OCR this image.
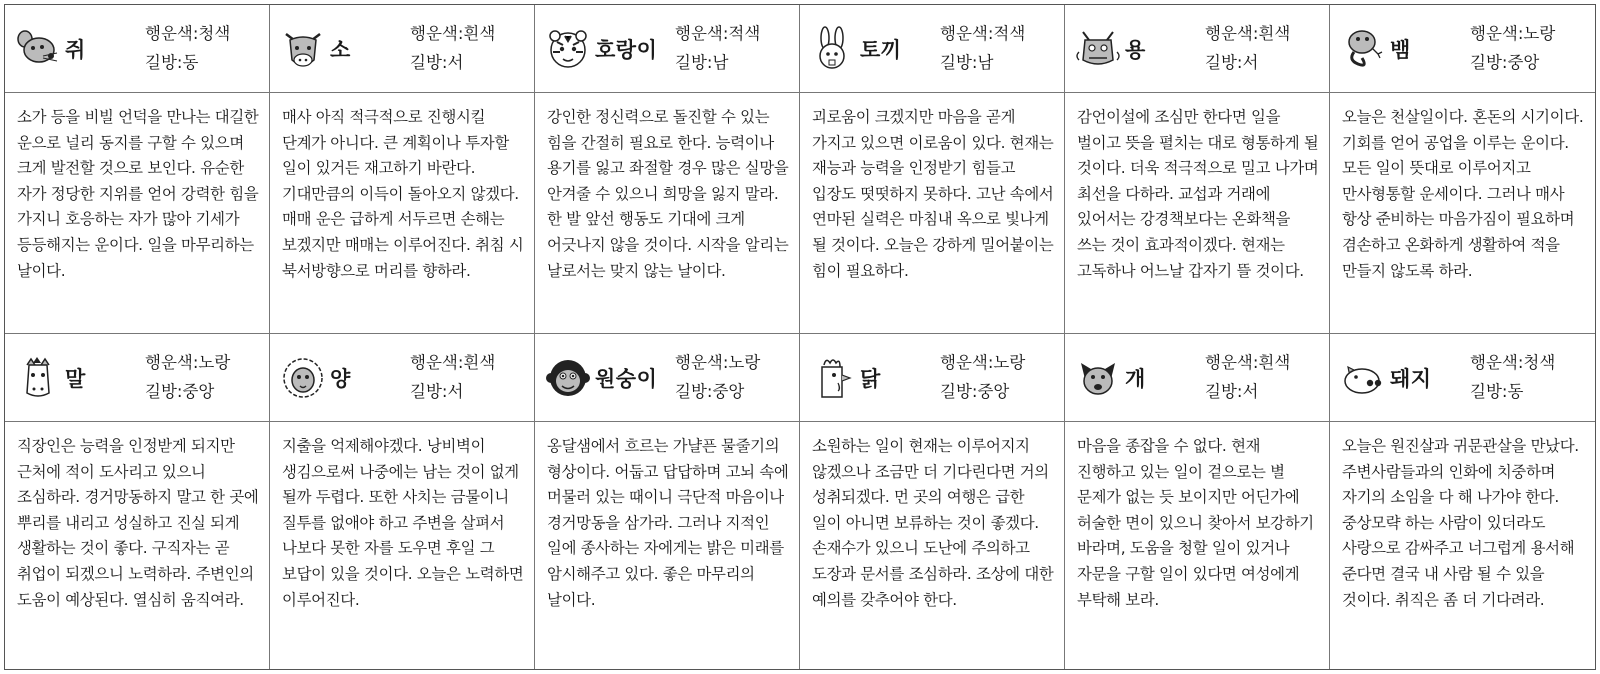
쥐
행운색:청색
길방:동
소
행운색:흰색
길방:서
호랑이
행운색:적색
길방:남
토끼
행운색:적색
길방:남
용
행운색:흰색
길방:서
뱀
행운색:노랑
길방:중앙
소가 등을 비빌 언덕을 만나는 대길한 운으로 널리 동지를 구할 수 있으며 크게 발전할 것으로 보인다. 유순한 자가 정당한 지위를 얻어 강력한 힘을 가지니 호응하는 자가 많아 기세가 등등해지는 운이다. 일을 마무리하는 날이다.
매사 아직 적극적으로 진행시킬 단계가 아니다. 큰 계획이나 투자할 일이 있거든 재고하기 바란다. 기대만큼의 이득이 돌아오지 않겠다. 매매 운은 급하게 서두르면 손해는 보겠지만 매매는 이루어진다. 취침 시 북서방향으로 머리를 향하라.
강인한 정신력으로 돌진할 수 있는 힘을 간절히 필요로 한다. 능력이나 용기를 잃고 좌절할 경우 많은 실망을 안겨줄 수 있으니 희망을 잃지 말라. 한 발 앞선 행동도 기대에 크게 어긋나지 않을 것이다. 시작을 알리는 날로서는 맞지 않는 날이다.
괴로움이 크겠지만 마음을 곧게 가지고 있으면 이로움이 있다. 현재는 재능과 능력을 인정받기 힘들고 입장도 떳떳하지 못하다. 고난 속에서 연마된 실력은 마침내 옥으로 빛나게 될 것이다. 오늘은 강하게 밀어붙이는 힘이 필요하다.
감언이설에 조심만 한다면 일을 벌이고 뜻을 펼치는 대로 형통하게 될 것이다. 더욱 적극적으로 밀고 나가며 최선을 다하라. 교섭과 거래에 있어서는 강경책보다는 온화책을 쓰는 것이 효과적이겠다. 현재는 고독하나 어느날 갑자기 뜰 것이다.
오늘은 천살일이다. 혼돈의 시기이다. 기회를 얻어 공업을 이루는 운이다. 모든 일이 뜻대로 이루어지고 만사형통할 운세이다. 그러나 매사 항상 준비하는 마음가짐이 필요하며 겸손하고 온화하게 생활하여 적을 만들지 않도록 하라.
말
행운색:노랑
길방:중앙
양
행운색:흰색
길방:서
원숭이
행운색:노랑
길방:중앙
닭
행운색:노랑
길방:중앙
개
행운색:흰색
길방:서
돼지
행운색:청색
길방:동
직장인은 능력을 인정받게 되지만 근처에 적이 도사리고 있으니 조심하라. 경거망동하지 말고 한 곳에 뿌리를 내리고 성실하고 진실 되게 생활하는 것이 좋다. 구직자는 곧 취업이 되겠으니 노력하라. 주변인의 도움이 예상된다. 열심히 움직여라.
지출을 억제해야겠다. 낭비벽이 생김으로써 나중에는 남는 것이 없게 될까 두렵다. 또한 사치는 금물이니 질투를 없애야 하고 주변을 살펴서 나보다 못한 자를 도우면 후일 그 보답이 있을 것이다. 오늘은 노력하면 이루어진다.
옹달샘에서 흐르는 가냘픈 물줄기의 형상이다. 어둡고 답답하며 고뇌 속에 머물러 있는 때이니 극단적 마음이나 경거망동을 삼가라. 그러나 지적인 일에 종사하는 자에게는 밝은 미래를 암시해주고 있다. 좋은 마무리의 날이다.
소원하는 일이 현재는 이루어지지 않겠으나 조금만 더 기다린다면 거의 성취되겠다. 먼 곳의 여행은 급한 일이 아니면 보류하는 것이 좋겠다. 손재수가 있으니 도난에 주의하고 도장과 문서를 조심하라. 조상에 대한 예의를 갖추어야 한다.
마음을 종잡을 수 없다. 현재 진행하고 있는 일이 겉으로는 별 문제가 없는 듯 보이지만 어딘가에 허술한 면이 있으니 찾아서 보강하기 바라며, 도움을 청할 일이 있거나 자문을 구할 일이 있다면 여성에게 부탁해 보라.
오늘은 원진살과 귀문관살을 만났다. 주변사람들과의 인화에 치중하며 자기의 소임을 다 해 나가야 한다. 중상모략 하는 사람이 있더라도 사랑으로 감싸주고 너그럽게 용서해 준다면 결국 내 사람 될 수 있을 것이다. 취직은 좀 더 기다려라.
